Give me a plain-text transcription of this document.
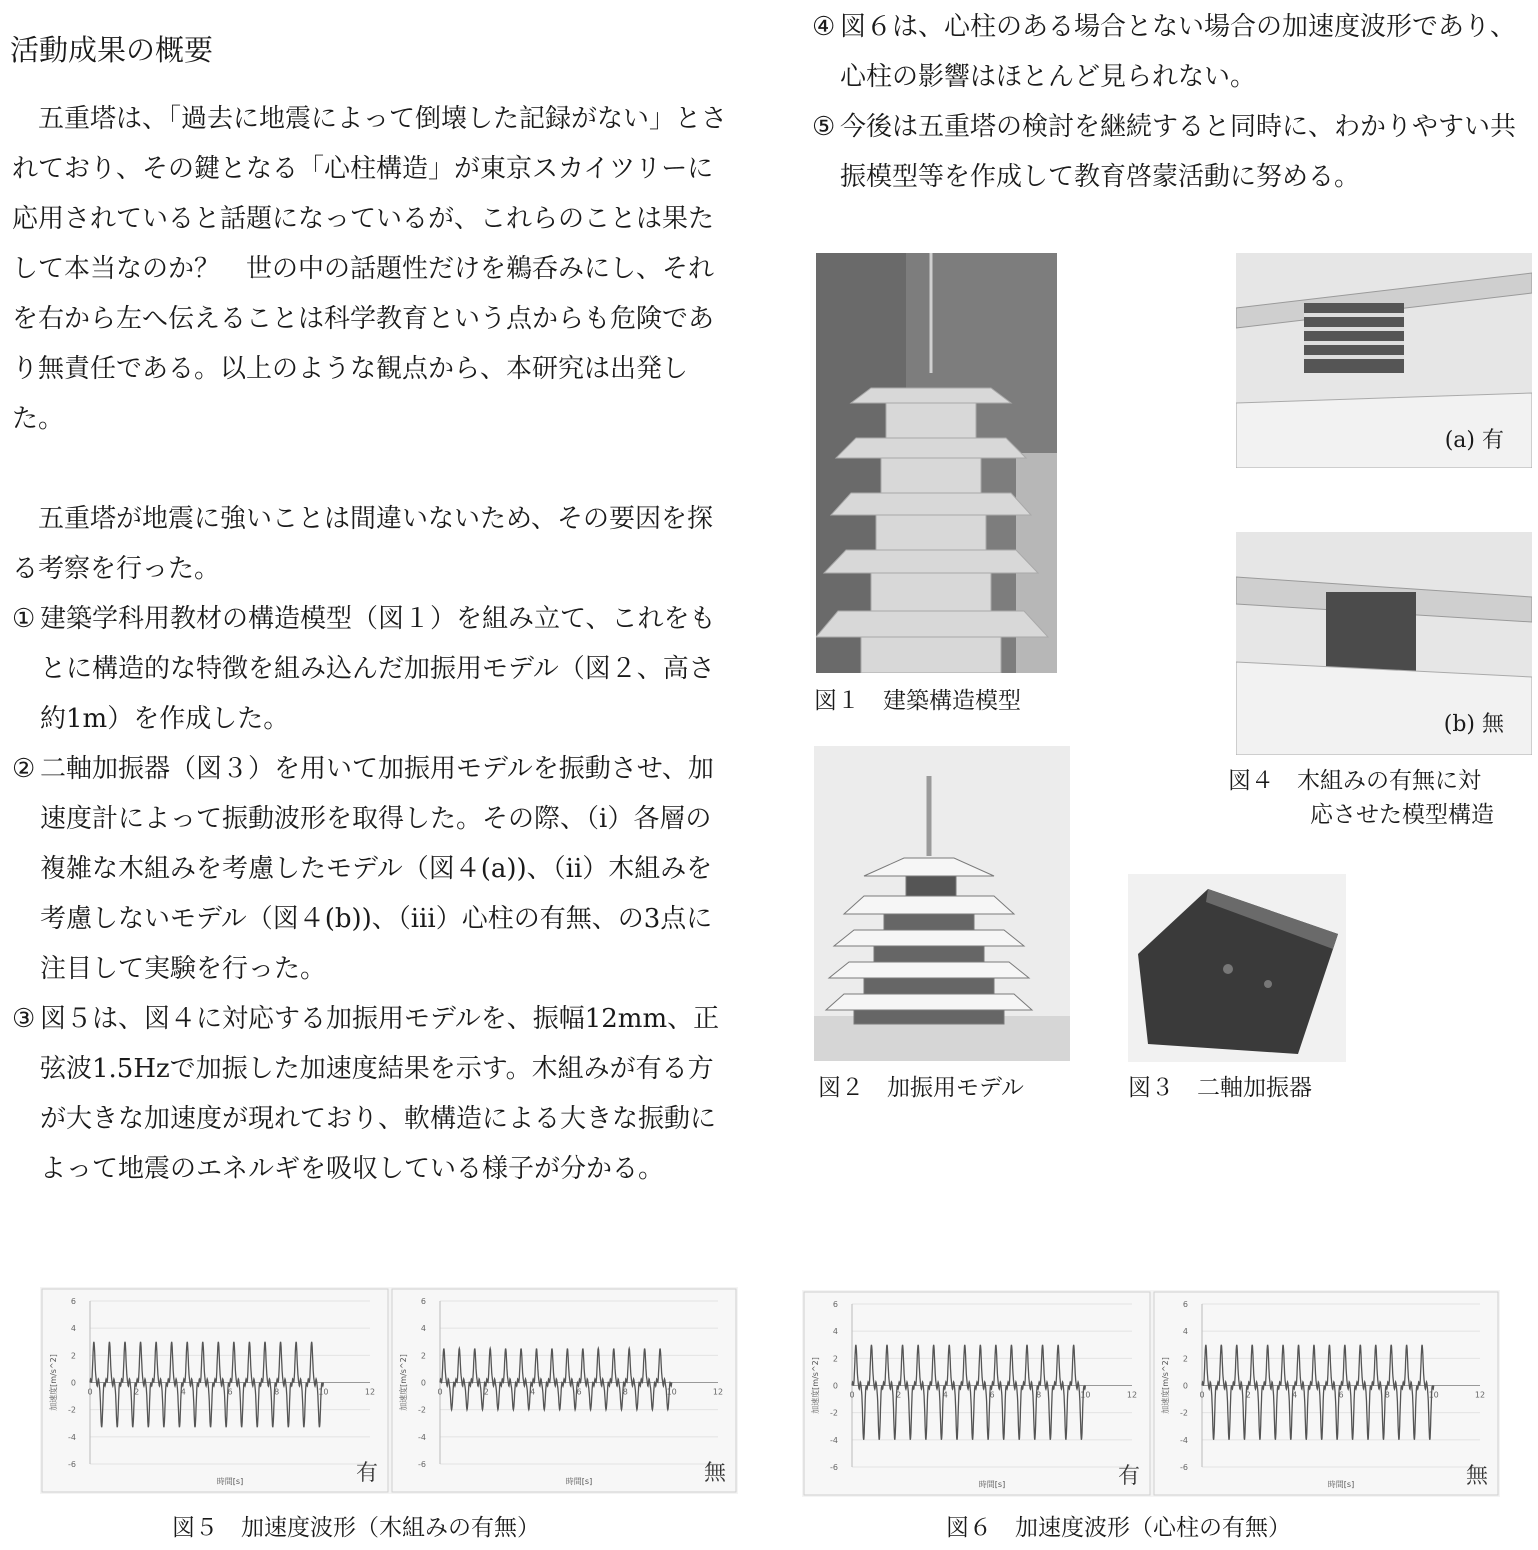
活動成果の概要

五重塔は、「過去に地震によって倒壊した記録がない」とされており、その鍵となる「心柱構造」が東京スカイツリーに応用されていると話題になっているが、これらのことは果たして本当なのか？　世の中の話題性だけを鵜呑みにし、それを右から左へ伝えることは科学教育という点からも危険であり無責任である。以上のような観点から、本研究は出発した。

五重塔が地震に強いことは間違いないため、その要因を探る考察を行った。

① 建築学科用教材の構造模型（図１）を組み立て、これをもとに構造的な特徴を組み込んだ加振用モデル（図２、高さ約1m）を作成した。
② 二軸加振器（図３）を用いて加振用モデルを振動させ、加速度計によって振動波形を取得した。その際、（ⅰ）各層の複雑な木組みを考慮したモデル（図４(a))、（ⅱ）木組みを考慮しないモデル（図４(b))、（ⅲ）心柱の有無、の3点に注目して実験を行った。
③ 図５は、図４に対応する加振用モデルを、振幅12mm、正弦波1.5Hzで加振した加速度結果を示す。木組みが有る方が大きな加速度が現れており、軟構造による大きな振動によって地震のエネルギを吸収している様子が分かる。
④ 図６は、心柱のある場合とない場合の加速度波形であり、心柱の影響はほとんど見られない。
⑤ 今後は五重塔の検討を継続すると同時に、わかりやすい共振模型等を作成して教育啓蒙活動に努める。
図１　建築構造模型
(a) 有
(b) 無
図４　木組みの有無に対
応させた模型構造
図２　加振用モデル	図３　二軸加振器
6
4
2
0
-2
-4
-6
0	2	4	6	8	10	12
時間[s]
加速度[m/s^2]
有
6
4
2
0
-2
-4
-6
0	2	4	6	8	10	12
時間[s]
加速度[m/s^2]
無
図５　加速度波形（木組みの有無）
6
4
2
0
-2
-4
-6
0	2	4	6	8	10	12
時間[s]
加速度[m/s^2]
有
6
4
2
0
-2
-4
-6
0	2	4	6	8	10	12
時間[s]
加速度[m/s^2]
無
図６　加速度波形（心柱の有無）
